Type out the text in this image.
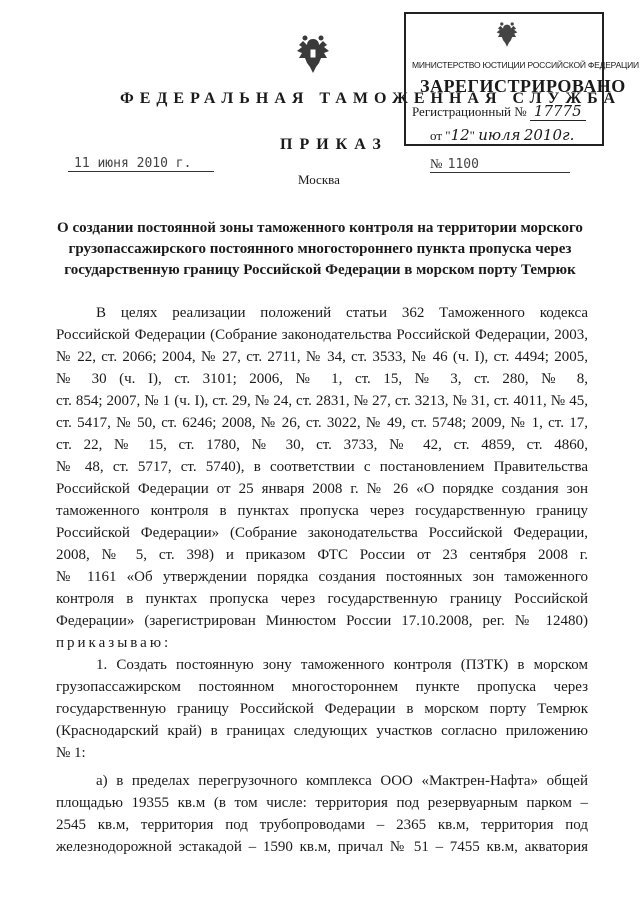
ФЕДЕРАЛЬНАЯ ТАМОЖЕННАЯ СЛУЖБА
ПРИКАЗ
11 июня 2010 г.
Москва
№ 1100
МИНИСТЕРСТВО ЮСТИЦИИ РОССИЙСКОЙ ФЕДЕРАЦИИ
ЗАРЕГИСТРИРОВАНО
Регистрационный № 17775
от "12" июля 2010г.
О создании постоянной зоны таможенного контроля на территории морского грузопассажирского постоянного многостороннего пункта пропуска через государственную границу Российской Федерации в морском порту Темрюк
В целях реализации положений статьи 362 Таможенного кодекса
Российской Федерации (Собрание законодательства Российской Федерации, 2003,
№ 22, ст. 2066; 2004, № 27, ст. 2711, № 34, ст. 3533, № 46 (ч. I), ст. 4494; 2005,
№ 30 (ч. I), ст. 3101; 2006, № 1, ст. 15, № 3, ст. 280, № 8,
ст. 854; 2007, № 1 (ч. I), ст. 29, № 24, ст. 2831, № 27, ст. 3213, № 31, ст. 4011, № 45,
ст. 5417, № 50, ст. 6246; 2008, № 26, ст. 3022, № 49, ст. 5748; 2009, № 1, ст. 17,
ст. 22, № 15, ст. 1780, № 30, ст. 3733, № 42, ст. 4859, ст. 4860,
№ 48, ст. 5717, ст. 5740), в соответствии с постановлением Правительства
Российской Федерации от 25 января 2008 г. № 26 «О порядке создания зон
таможенного контроля в пунктах пропуска через государственную границу
Российской Федерации» (Собрание законодательства Российской Федерации,
2008, № 5, ст. 398) и приказом ФТС России от 23 сентября 2008 г.
№ 1161 «Об утверждении порядка создания постоянных зон таможенного
контроля в пунктах пропуска через государственную границу Российской
Федерации» (зарегистрирован Минюстом России 17.10.2008, рег. № 12480)
приказываю:
1. Создать постоянную зону таможенного контроля (ПЗТК) в морском
грузопассажирском постоянном многостороннем пункте пропуска через
государственную границу Российской Федерации в морском порту Темрюк
(Краснодарский край) в границах следующих участков согласно приложению
№ 1:
а) в пределах перегрузочного комплекса ООО «Мактрен-Нафта» общей
площадью 19355 кв.м (в том числе: территория под резервуарным парком –
2545 кв.м, территория под трубопроводами – 2365 кв.м, территория под
железнодорожной эстакадой – 1590 кв.м, причал № 51 – 7455 кв.м, акватория
